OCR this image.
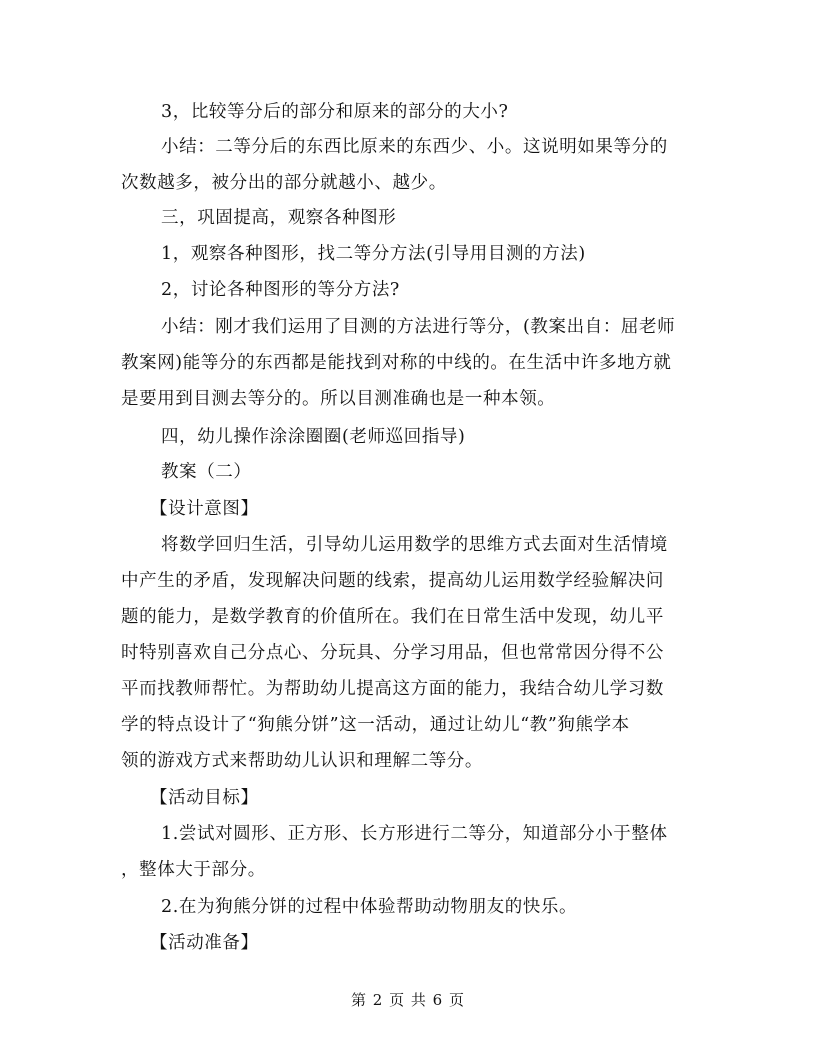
3，比较等分后的部分和原来的部分的大小?
小结：二等分后的东西比原来的东西少、小。这说明如果等分的
次数越多，被分出的部分就越小、越少。
三，巩固提高，观察各种图形
1，观察各种图形，找二等分方法(引导用目测的方法)
2，讨论各种图形的等分方法?
小结：刚才我们运用了目测的方法进行等分，(教案出自：屈老师
教案网)能等分的东西都是能找到对称的中线的。在生活中许多地方就
是要用到目测去等分的。所以目测准确也是一种本领。
四，幼儿操作涂涂圈圈(老师巡回指导)
教案（二）
【设计意图】
将数学回归生活，引导幼儿运用数学的思维方式去面对生活情境
中产生的矛盾，发现解决问题的线索，提高幼儿运用数学经验解决问
题的能力，是数学教育的价值所在。我们在日常生活中发现，幼儿平
时特别喜欢自己分点心、分玩具、分学习用品，但也常常因分得不公
平而找教师帮忙。为帮助幼儿提高这方面的能力，我结合幼儿学习数
学的特点设计了“狗熊分饼”这一活动，通过让幼儿“教”狗熊学本
领的游戏方式来帮助幼儿认识和理解二等分。
【活动目标】
1.尝试对圆形、正方形、长方形进行二等分，知道部分小于整体
，整体大于部分。
2.在为狗熊分饼的过程中体验帮助动物朋友的快乐。
【活动准备】
第 2 页 共 6 页
